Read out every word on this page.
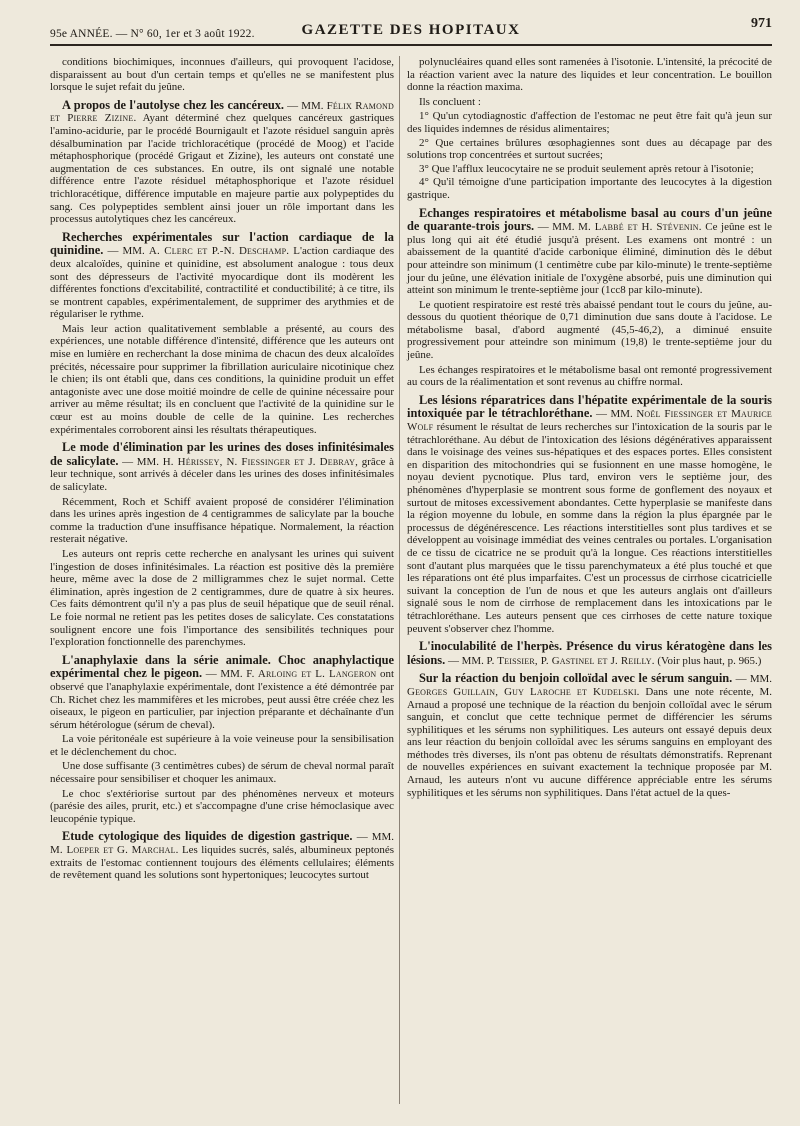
95e ANNÉE. — N° 60, 1er et 3 août 1922.	GAZETTE DES HOPITAUX	971

conditions biochimiques, inconnues d'ailleurs, qui provoquent l'acidose, disparaissent au bout d'un certain temps et qu'elles ne se manifestent plus lorsque le sujet refait du jeûne.

A propos de l'autolyse chez les cancéreux. — MM. Félix Ramond et Pierre Zizine. Ayant déterminé chez quelques cancéreux gastriques l'amino-acidurie, par le procédé Bournigault et l'azote résiduel sanguin après désalbumination par l'acide trichloracétique (procédé de Moog) et l'acide métaphosphorique (procédé Grigaut et Zizine), les auteurs ont constaté une augmentation de ces substances. En outre, ils ont signalé une notable différence entre l'azote résiduel métaphosphorique et l'azote résiduel trichloracétique, différence imputable en majeure partie aux polypeptides du sang. Ces polypeptides semblent ainsi jouer un rôle important dans les processus autolytiques chez les cancéreux.

Recherches expérimentales sur l'action cardiaque de la quinidine. — MM. A. Clerc et P.-N. Deschamp. L'action cardiaque des deux alcaloïdes, quinine et quinidine, est absolument analogue : tous deux sont des dépresseurs de l'activité myocardique dont ils modèrent les différentes fonctions d'excitabilité, contractilité et conductibilité; à ce titre, ils se montrent capables, expérimentalement, de supprimer des arythmies et de régulariser le rythme.

Mais leur action qualitativement semblable a présenté, au cours des expériences, une notable différence d'intensité, différence que les auteurs ont mise en lumière en recherchant la dose minima de chacun des deux alcaloïdes précités, nécessaire pour supprimer la fibrillation auriculaire nicotinique chez le chien; ils ont établi que, dans ces conditions, la quinidine produit un effet antagoniste avec une dose moitié moindre de celle de quinine nécessaire pour arriver au même résultat; ils en concluent que l'activité de la quinidine sur le cœur est au moins double de celle de la quinine. Les recherches expérimentales corroborent ainsi les résultats thérapeutiques.

Le mode d'élimination par les urines des doses infinitésimales de salicylate. — MM. H. Hérissey, N. Fiessinger et J. Debray, grâce à leur technique, sont arrivés à déceler dans les urines des doses infinitésimales de salicylate.

Récemment, Roch et Schiff avaient proposé de considérer l'élimination dans les urines après ingestion de 4 centigrammes de salicylate par la bouche comme la traduction d'une insuffisance hépatique. Normalement, la réaction resterait négative.

Les auteurs ont repris cette recherche en analysant les urines qui suivent l'ingestion de doses infinitésimales. La réaction est positive dès la première heure, même avec la dose de 2 milligrammes chez le sujet normal. Cette élimination, après ingestion de 2 centigrammes, dure de quatre à six heures. Ces faits démontrent qu'il n'y a pas plus de seuil hépatique que de seuil rénal. Le foie normal ne retient pas les petites doses de salicylate. Ces constatations soulignent encore une fois l'importance des sensibilités techniques pour l'exploration fonctionnelle des parenchymes.

L'anaphylaxie dans la série animale. Choc anaphylactique expérimental chez le pigeon. — MM. F. Arloing et L. Langeron ont observé que l'anaphylaxie expérimentale, dont l'existence a été démontrée par Ch. Richet chez les mammifères et les microbes, peut aussi être créée chez les oiseaux, le pigeon en particulier, par injection préparante et déchaînante d'un sérum hétérologue (sérum de cheval).

La voie péritonéale est supérieure à la voie veineuse pour la sensibilisation et le déclenchement du choc.

Une dose suffisante (3 centimètres cubes) de sérum de cheval normal paraît nécessaire pour sensibiliser et choquer les animaux.

Le choc s'extériorise surtout par des phénomènes nerveux et moteurs (parésie des ailes, prurit, etc.) et s'accompagne d'une crise hémoclasique avec leucopénie typique.

Etude cytologique des liquides de digestion gastrique. — MM. M. Loeper et G. Marchal. Les liquides sucrés, salés, albumineux peptonés extraits de l'estomac contiennent toujours des éléments cellulaires; éléments de revêtement quand les solutions sont hypertoniques; leucocytes surtout

polynucléaires quand elles sont ramenées à l'isotonie. L'intensité, la précocité de la réaction varient avec la nature des liquides et leur concentration. Le bouillon donne la réaction maxima.

Ils concluent :

1° Qu'un cytodiagnostic d'affection de l'estomac ne peut être fait qu'à jeun sur des liquides indemnes de résidus alimentaires;

2° Que certaines brûlures œsophagiennes sont dues au décapage par des solutions trop concentrées et surtout sucrées;

3° Que l'afflux leucocytaire ne se produit seulement après retour à l'isotonie;

4° Qu'il témoigne d'une participation importante des leucocytes à la digestion gastrique.

Echanges respiratoires et métabolisme basal au cours d'un jeûne de quarante-trois jours. — MM. M. Labbé et H. Stévenin. Ce jeûne est le plus long qui ait été étudié jusqu'à présent. Les examens ont montré : un abaissement de la quantité d'acide carbonique éliminé, diminution dès le début pour atteindre son minimum (1 centimètre cube par kilo-minute) le trente-septième jour du jeûne, une élévation initiale de l'oxygène absorbé, puis une diminution qui atteint son minimum le trente-septième jour (1cc8 par kilo-minute).

Le quotient respiratoire est resté très abaissé pendant tout le cours du jeûne, au-dessous du quotient théorique de 0,71 diminution due sans doute à l'acidose. Le métabolisme basal, d'abord augmenté (45,5-46,2), a diminué ensuite progressivement pour atteindre son minimum (19,8) le trente-septième jour du jeûne.

Les échanges respiratoires et le métabolisme basal ont remonté progressivement au cours de la réalimentation et sont revenus au chiffre normal.

Les lésions réparatrices dans l'hépatite expérimentale de la souris intoxiquée par le tétrachloréthane. — MM. Noël Fiessinger et Maurice Wolf résument le résultat de leurs recherches sur l'intoxication de la souris par le tétrachloréthane. Au début de l'intoxication des lésions dégénératives apparaissent dans le voisinage des veines sus-hépatiques et des espaces portes. Elles consistent en disparition des mitochondries qui se fusionnent en une masse homogène, le noyau devient pycnotique. Plus tard, environ vers le septième jour, des phénomènes d'hyperplasie se montrent sous forme de gonflement des noyaux et surtout de mitoses excessivement abondantes. Cette hyperplasie se manifeste dans la région moyenne du lobule, en somme dans la région la plus épargnée par le processus de dégénérescence. Les réactions interstitielles sont plus tardives et se développent au voisinage immédiat des veines centrales ou portales. L'organisation de ce tissu de cicatrice ne se produit qu'à la longue. Ces réactions interstitielles sont d'autant plus marquées que le tissu parenchymateux a été plus touché et que les réparations ont été plus imparfaites. C'est un processus de cirrhose cicatricielle suivant la conception de l'un de nous et que les auteurs anglais ont d'ailleurs signalé sous le nom de cirrhose de remplacement dans les intoxications par le tétrachloréthane. Les auteurs pensent que ces cirrhoses de cette nature toxique peuvent s'observer chez l'homme.

L'inoculabilité de l'herpès. Présence du virus kératogène dans les lésions. — MM. P. Teissier, P. Gastinel et J. Reilly. (Voir plus haut, p. 965.)

Sur la réaction du benjoin colloïdal avec le sérum sanguin. — MM. Georges Guillain, Guy Laroche et Kudelski. Dans une note récente, M. Arnaud a proposé une technique de la réaction du benjoin colloïdal avec le sérum sanguin, et conclut que cette technique permet de différencier les sérums syphilitiques et les sérums non syphilitiques. Les auteurs ont essayé depuis deux ans leur réaction du benjoin colloïdal avec les sérums sanguins en employant des méthodes très diverses, ils n'ont pas obtenu de résultats démonstratifs. Reprenant de nouvelles expériences en suivant exactement la technique proposée par M. Arnaud, les auteurs n'ont vu aucune différence appréciable entre les sérums syphilitiques et les sérums non syphilitiques. Dans l'état actuel de la ques-
